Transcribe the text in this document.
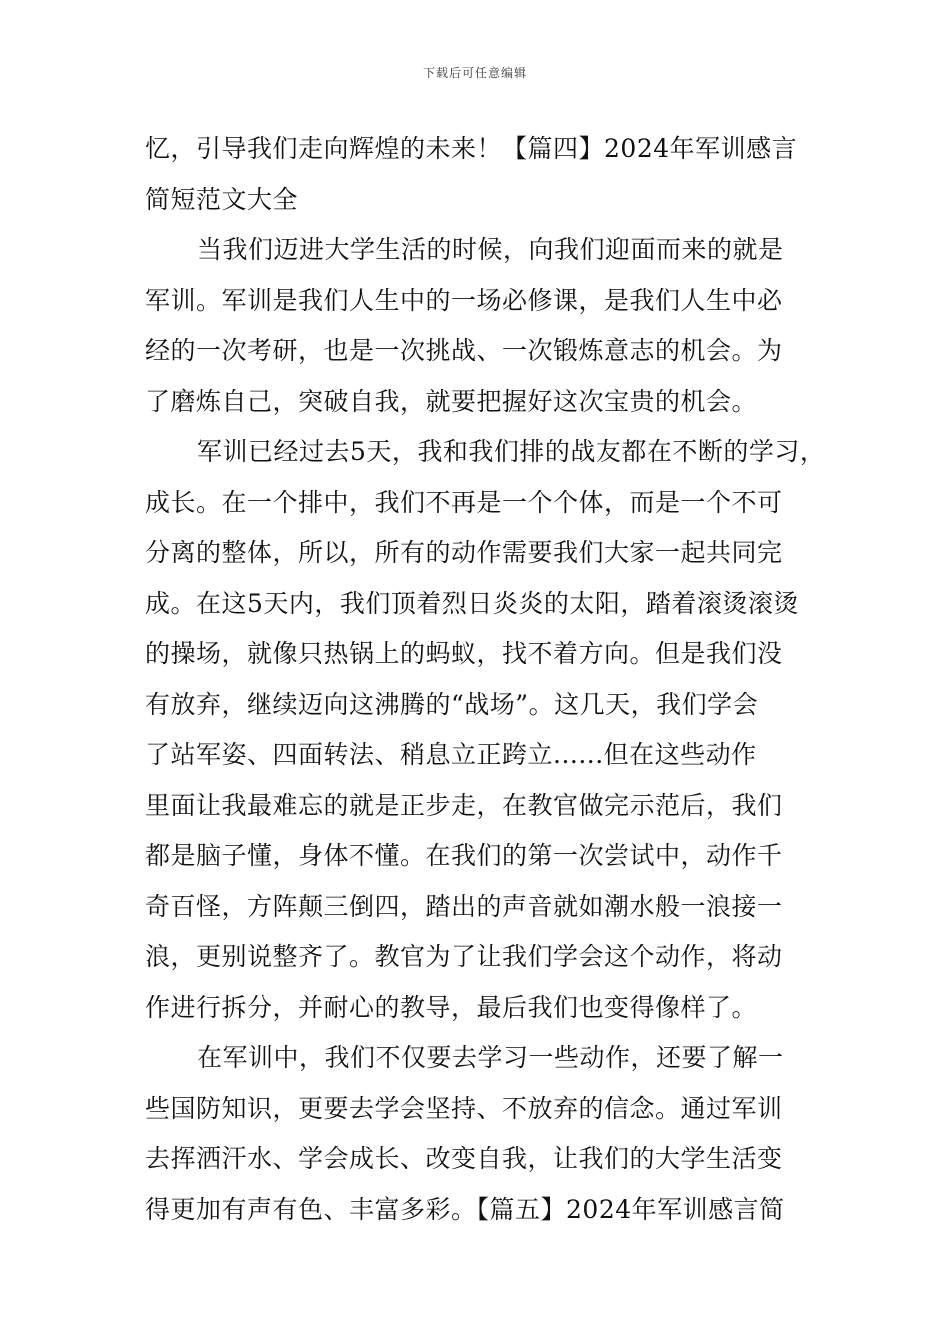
下载后可任意编辑
忆，引导我们走向辉煌的未来！【篇四】2024年军训感言
简短范文大全
当我们迈进大学生活的时候，向我们迎面而来的就是
军训。军训是我们人生中的一场必修课，是我们人生中必
经的一次考研，也是一次挑战、一次锻炼意志的机会。为
了磨炼自己，突破自我，就要把握好这次宝贵的机会。
军训已经过去5天，我和我们排的战友都在不断的学习，
成长。在一个排中，我们不再是一个个体，而是一个不可
分离的整体，所以，所有的动作需要我们大家一起共同完
成。在这5天内，我们顶着烈日炎炎的太阳，踏着滚烫滚烫
的操场，就像只热锅上的蚂蚁，找不着方向。但是我们没
有放弃，继续迈向这沸腾的“战场”。这几天，我们学会
了站军姿、四面转法、稍息立正跨立......但在这些动作
里面让我最难忘的就是正步走，在教官做完示范后，我们
都是脑子懂，身体不懂。在我们的第一次尝试中，动作千
奇百怪，方阵颠三倒四，踏出的声音就如潮水般一浪接一
浪，更别说整齐了。教官为了让我们学会这个动作，将动
作进行拆分，并耐心的教导，最后我们也变得像样了。
在军训中，我们不仅要去学习一些动作，还要了解一
些国防知识，更要去学会坚持、不放弃的信念。通过军训
去挥洒汗水、学会成长、改变自我，让我们的大学生活变
得更加有声有色、丰富多彩。【篇五】2024年军训感言简
